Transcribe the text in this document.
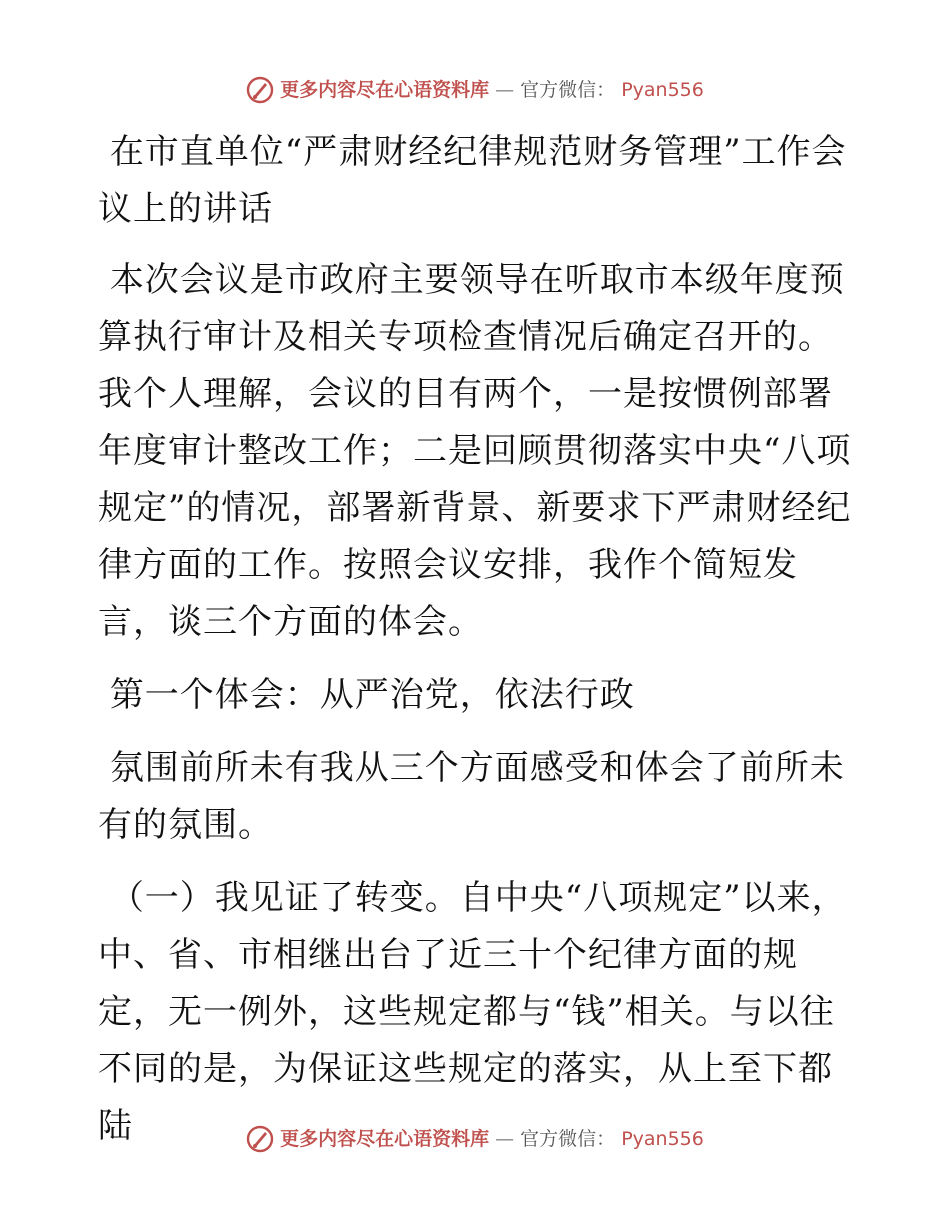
更多内容尽在心语资料库 — 官方微信： Pyan556

在市直单位“严肃财经纪律规范财务管理”工作会议上的讲话

本次会议是市政府主要领导在听取市本级年度预算执行审计及相关专项检查情况后确定召开的。我个人理解，会议的目有两个，一是按惯例部署年度审计整改工作；二是回顾贯彻落实中央“八项规定”的情况，部署新背景、新要求下严肃财经纪律方面的工作。按照会议安排，我作个简短发言，谈三个方面的体会。

第一个体会：从严治党，依法行政

氛围前所未有我从三个方面感受和体会了前所未有的氛围。

（一）我见证了转变。自中央“八项规定”以来，中、省、市相继出台了近三十个纪律方面的规定，无一例外，这些规定都与“钱”相关。与以往不同的是，为保证这些规定的落实，从上至下都陆	更多内容尽在心语资料库 — 官方微信： Pyan556
